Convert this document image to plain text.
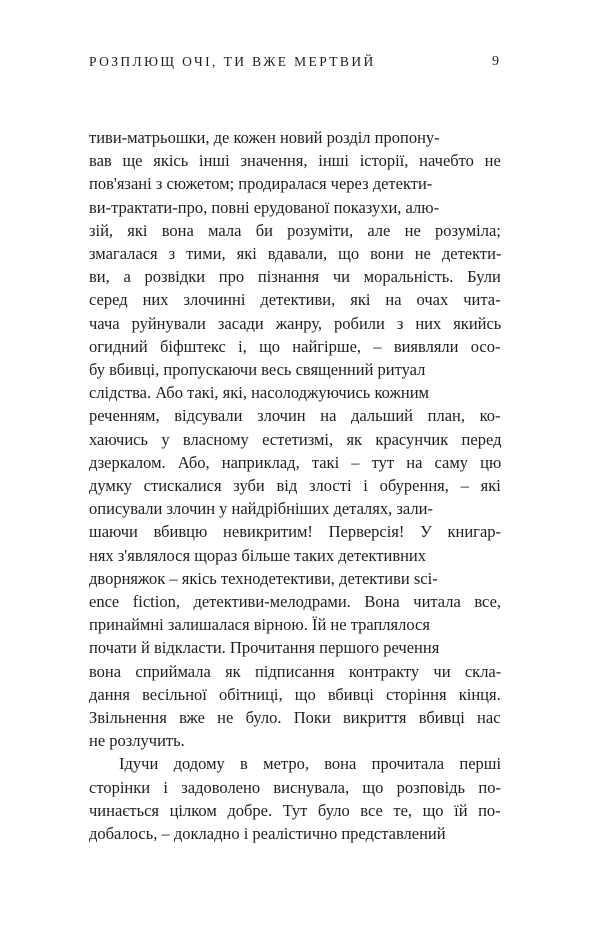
РОЗПЛЮЩ ОЧІ, ТИ ВЖЕ МЕРТВИЙ	9
тиви-матрьошки, де кожен новий розділ пропону-
вав ще якісь інші значення, інші історії, начебто не
пов'язані з сюжетом; продиралася через детекти-
ви-трактати-про, повні ерудованої показухи, алю-
зій, які вона мала би розуміти, але не розуміла;
змагалася з тими, які вдавали, що вони не детекти-
ви, а розвідки про пізнання чи моральність. Були
серед них злочинні детективи, які на очах чита-
чача руйнували засади жанру, робили з них якийсь
огидний біфштекс і, що найгірше, – виявляли осо-
бу вбивці, пропускаючи весь священний ритуал
слідства. Або такі, які, насолоджуючись кожним
реченням, відсували злочин на дальший план, ко-
хаючись у власному естетизмі, як красунчик перед
дзеркалом. Або, наприклад, такі – тут на саму цю
думку стискалися зуби від злості і обурення, – які
описували злочин у найдрібніших деталях, зали-
шаючи вбивцю невикритим! Перверсія! У книгар-
нях з'являлося щораз більше таких детективних
дворняжок – якісь технодетективи, детективи sci-
ence fiction, детективи-мелодрами. Вона читала все,
принаймні залишалася вірною. Їй не траплялося
почати й відкласти. Прочитання першого речення
вона сприймала як підписання контракту чи скла-
дання весільної обітниці, що вбивці сторіння кінця.
Звільнення вже не було. Поки викриття вбивці нас
не розлучить.
Ідучи додому в метро, вона прочитала перші
сторінки і задоволено виснувала, що розповідь по-
чинається цілком добре. Тут було все те, що їй по-
добалось, – докладно і реалістично представлений
